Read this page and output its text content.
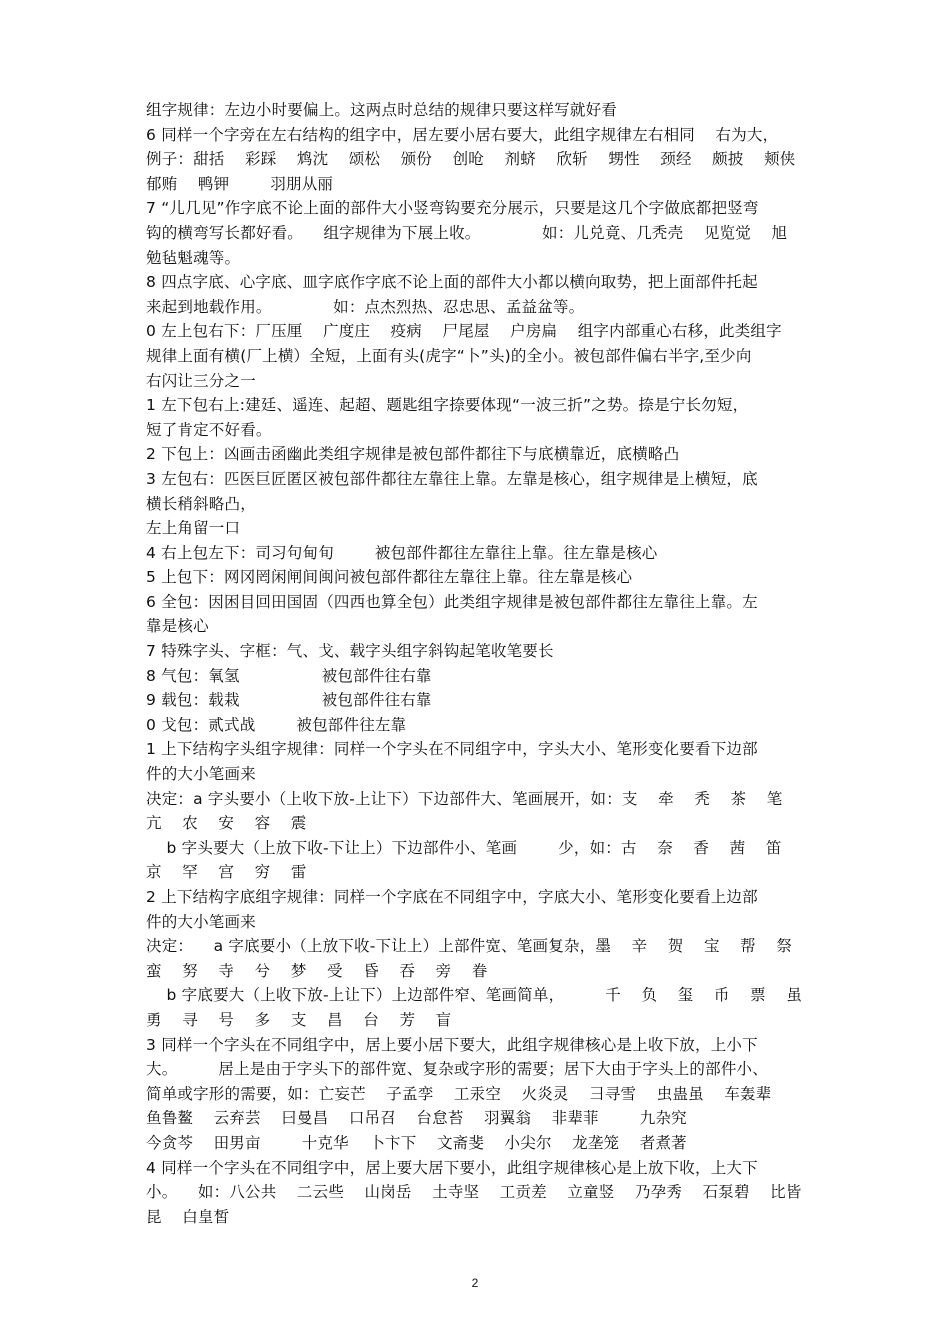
组字规律：左边小时要偏上。这两点时总结的规律只要这样写就好看
6 同样一个字旁在左右结构的组字中，居左要小居右要大，此组字规律左右相同    右为大，
例子：甜括    彩踩    鸩沈    颂松    颁份    创呛    剂蛴    欣斩    甥性    颈经    颇披    颊侠
郁贿    鸭钾        羽朋从丽
7 “儿几见”作字底不论上面的部件大小竖弯钩要充分展示，只要是这几个字做底都把竖弯
钩的横弯写长都好看。    组字规律为下展上收。            如：儿兑竟、几秃壳    见览觉    旭
勉毡魁魂等。
8 四点字底、心字底、皿字底作字底不论上面的部件大小都以横向取势，把上面部件托起
来起到地载作用。            如：点杰烈热、忍忠思、孟益盆等。
0 左上包右下：厂压厘    广度庄    疫病    尸尾屋    户房扁    组字内部重心右移，此类组字
规律上面有横(厂上横）全短，上面有头(虎字“卜”头)的全小。被包部件偏右半字,至少向
右闪让三分之一
1 左下包右上:建廷、遥连、起超、题匙组字捺要体现“一波三折”之势。捺是宁长勿短，
短了肯定不好看。
2 下包上：凶画击函幽此类组字规律是被包部件都往下与底横靠近，底横略凸
3 左包右：匹医巨匠匿区被包部件都往左靠往上靠。左靠是核心，组字规律是上横短，底
横长稍斜略凸，
左上角留一口
4 右上包左下：司习句甸旬        被包部件都往左靠往上靠。往左靠是核心
5 上包下：网冈罔闲闸间闽问被包部件都往左靠往上靠。往左靠是核心
6 全包：因困目回田国固（四西也算全包）此类组字规律是被包部件都往左靠往上靠。左
靠是核心
7 特殊字头、字框：气、戈、载字头组字斜钩起笔收笔要长
8 气包：氧氢                被包部件往右靠
9 载包：载栽                被包部件往右靠
0 戈包：贰式战        被包部件往左靠
1 上下结构字头组字规律：同样一个字头在不同组字中，字头大小、笔形变化要看下边部
件的大小笔画来
决定：a 字头要小（上收下放-上让下）下边部件大、笔画展开，如：支    牵    秃    茶    笔
亢    农    安    容    震
b 字头要大（上放下收-下让上）下边部件小、笔画        少，如：古    奈    香    茜    笛
京    罕    宫    穷    雷
2 上下结构字底组字规律：同样一个字底在不同组字中，字底大小、笔形变化要看上边部
件的大小笔画来
决定：    a 字底要小（上放下收-下让上）上部件宽、笔画复杂，墨    辛    贺    宝    帮    祭
蛮    努    寺    兮    梦    受    昏    吞    旁    眷
b 字底要大（上收下放-上让下）上边部件窄、笔画简单，        千    负    玺    币    票    虽
勇    寻    号    多    支    昌    台    芳    盲
3 同样一个字头在不同组字中，居上要小居下要大，此组字规律核心是上收下放，上小下
大。        居上是由于字头下的部件宽、复杂或字形的需要；居下大由于字头上的部件小、
简单或字形的需要，如：亡妄芒    子孟孪    工汞空    火炎灵    彐寻雪    虫蛊虽    车轰辈
鱼鲁鳌    云弃芸    曰曼昌    口吊召    台怠苔    羽翼翁    非辈菲        九杂究
今贪芩    田男亩        十克华    卜卞下    文斋斐    小尖尔    龙垄笼    者煮著
4 同样一个字头在不同组字中，居上要大居下要小，此组字规律核心是上放下收，上大下
小。    如：八公共    二云些    山岗岳    土寺坚    工贡差    立童竖    乃孕秀    石泵碧    比皆
昆    白皇皙
2
